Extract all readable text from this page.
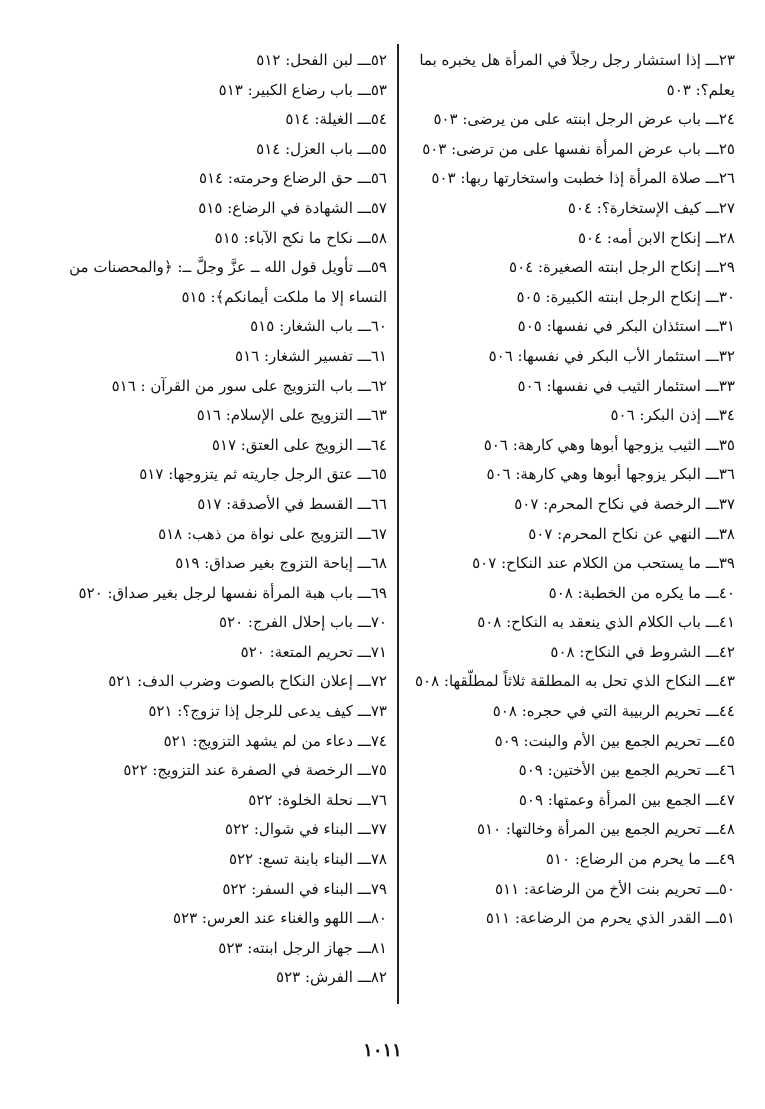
٢٣ـــ إذا استشار رجل رجلاً في المرأة هل يخبره بما يعلم؟: ٥٠٣

٢٤ـــ باب عرض الرجل ابنته على من يرضى: ٥٠٣

٢٥ـــ باب عرض المرأة نفسها على من ترضى: ٥٠٣

٢٦ـــ صلاة المرأة إذا خطبت واستخارتها ربها: ٥٠٣

٢٧ـــ كيف الإستخارة؟: ٥٠٤

٢٨ـــ إنكاح الابن أمه: ٥٠٤

٢٩ـــ إنكاح الرجل ابنته الصغيرة: ٥٠٤

٣٠ـــ إنكاح الرجل ابنته الكبيرة: ٥٠٥

٣١ـــ استئذان البكر في نفسها: ٥٠٥

٣٢ـــ استئمار الأب البكر في نفسها: ٥٠٦

٣٣ـــ استئمار الثيب في نفسها: ٥٠٦

٣٤ـــ إذن البكر: ٥٠٦

٣٥ـــ الثيب يزوجها أبوها وهي كارهة: ٥٠٦

٣٦ـــ البكر يزوجها أبوها وهي كارهة: ٥٠٦

٣٧ـــ الرخصة في نكاح المحرم: ٥٠٧

٣٨ـــ النهي عن نكاح المحرم: ٥٠٧

٣٩ـــ ما يستحب من الكلام عند النكاح: ٥٠٧

٤٠ـــ ما يكره من الخطبة: ٥٠٨

٤١ـــ باب الكلام الذي ينعقد به النكاح: ٥٠٨

٤٢ـــ الشروط في النكاح: ٥٠٨

٤٣ـــ النكاح الذي تحل به المطلقة ثلاثاً لمطلّقها: ٥٠٨

٤٤ـــ تحريم الربيبة التي في حجره: ٥٠٨

٤٥ـــ تحريم الجمع بين الأم والبنت: ٥٠٩

٤٦ـــ تحريم الجمع بين الأختين: ٥٠٩

٤٧ـــ الجمع بين المرأة وعمتها: ٥٠٩

٤٨ـــ تحريم الجمع بين المرأة وخالتها: ٥١٠

٤٩ـــ ما يحرم من الرضاع: ٥١٠

٥٠ـــ تحريم بنت الأخ من الرضاعة: ٥١١

٥١ـــ القدر الذي يحرم من الرضاعة: ٥١١

٥٢ـــ لبن الفحل: ٥١٢

٥٣ـــ باب رضاع الكبير: ٥١٣

٥٤ـــ الغيلة: ٥١٤

٥٥ـــ باب العزل: ٥١٤

٥٦ـــ حق الرضاع وحرمته: ٥١٤

٥٧ـــ الشهادة في الرضاع: ٥١٥

٥٨ـــ نكاح ما نكح الآباء: ٥١٥

٥٩ـــ تأويل قول الله ــ عزَّ وجلَّ ــ: ﴿والمحصنات من النساء إلا ما ملكت أيمانكم﴾: ٥١٥

٦٠ـــ باب الشغار: ٥١٥

٦١ـــ تفسير الشغار: ٥١٦

٦٢ـــ باب التزويج على سور من القرآن : ٥١٦

٦٣ـــ التزويج على الإسلام: ٥١٦

٦٤ـــ الزويج على العتق: ٥١٧

٦٥ـــ عتق الرجل جاريته ثم يتزوجها: ٥١٧

٦٦ـــ القسط في الأصدقة: ٥١٧

٦٧ـــ التزويج على نواة من ذهب: ٥١٨

٦٨ـــ إباحة التزوج بغير صداق: ٥١٩

٦٩ـــ باب هبة المرأة نفسها لرجل بغير صداق: ٥٢٠

٧٠ـــ باب إحلال الفرج: ٥٢٠

٧١ـــ تحريم المتعة: ٥٢٠

٧٢ـــ إعلان النكاح بالصوت وضرب الدف: ٥٢١

٧٣ـــ كيف يدعى للرجل إذا تزوج؟: ٥٢١

٧٤ـــ دعاء من لم يشهد التزويج: ٥٢١

٧٥ـــ الرخصة في الصفرة عند التزويج: ٥٢٢

٧٦ـــ نحلة الخلوة: ٥٢٢

٧٧ـــ البناء في شوال: ٥٢٢

٧٨ـــ البناء بابنة تسع: ٥٢٢

٧٩ـــ البناء في السفر: ٥٢٢

٨٠ـــ اللهو والغناء عند العرس: ٥٢٣

٨١ـــ جهاز الرجل ابنته: ٥٢٣

٨٢ـــ الفرش: ٥٢٣

١٠١١
